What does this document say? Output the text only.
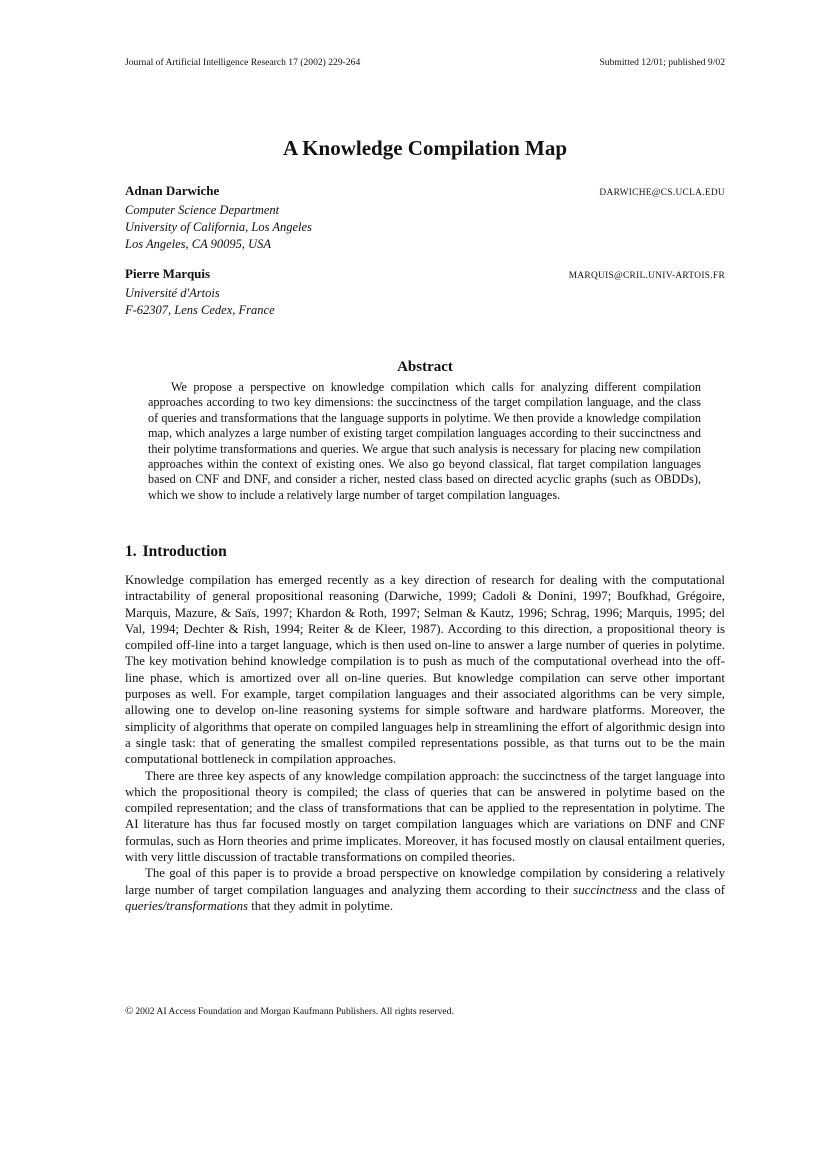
Journal of Artificial Intelligence Research 17 (2002) 229-264	Submitted 12/01; published 9/02
A Knowledge Compilation Map
Adnan Darwiche	DARWICHE@CS.UCLA.EDU
Computer Science Department
University of California, Los Angeles
Los Angeles, CA 90095, USA
Pierre Marquis	MARQUIS@CRIL.UNIV-ARTOIS.FR
Université d'Artois
F-62307, Lens Cedex, France
Abstract

We propose a perspective on knowledge compilation which calls for analyzing different compilation approaches according to two key dimensions: the succinctness of the target compilation language, and the class of queries and transformations that the language supports in polytime. We then provide a knowledge compilation map, which analyzes a large number of existing target compilation languages according to their succinctness and their polytime transformations and queries. We argue that such analysis is necessary for placing new compilation approaches within the context of existing ones. We also go beyond classical, flat target compilation languages based on CNF and DNF, and consider a richer, nested class based on directed acyclic graphs (such as OBDDs), which we show to include a relatively large number of target compilation languages.

1. Introduction

Knowledge compilation has emerged recently as a key direction of research for dealing with the computational intractability of general propositional reasoning (Darwiche, 1999; Cadoli & Donini, 1997; Boufkhad, Grégoire, Marquis, Mazure, & Saïs, 1997; Khardon & Roth, 1997; Selman & Kautz, 1996; Schrag, 1996; Marquis, 1995; del Val, 1994; Dechter & Rish, 1994; Reiter & de Kleer, 1987). According to this direction, a propositional theory is compiled off-line into a target language, which is then used on-line to answer a large number of queries in polytime. The key motivation behind knowledge compilation is to push as much of the computational overhead into the off-line phase, which is amortized over all on-line queries. But knowledge compilation can serve other important purposes as well. For example, target compilation languages and their associated algorithms can be very simple, allowing one to develop on-line reasoning systems for simple software and hardware platforms. Moreover, the simplicity of algorithms that operate on compiled languages help in streamlining the effort of algorithmic design into a single task: that of generating the smallest compiled representations possible, as that turns out to be the main computational bottleneck in compilation approaches.

There are three key aspects of any knowledge compilation approach: the succinctness of the target language into which the propositional theory is compiled; the class of queries that can be answered in polytime based on the compiled representation; and the class of transformations that can be applied to the representation in polytime. The AI literature has thus far focused mostly on target compilation languages which are variations on DNF and CNF formulas, such as Horn theories and prime implicates. Moreover, it has focused mostly on clausal entailment queries, with very little discussion of tractable transformations on compiled theories.

The goal of this paper is to provide a broad perspective on knowledge compilation by considering a relatively large number of target compilation languages and analyzing them according to their succinctness and the class of queries/transformations that they admit in polytime.

© 2002 AI Access Foundation and Morgan Kaufmann Publishers. All rights reserved.
